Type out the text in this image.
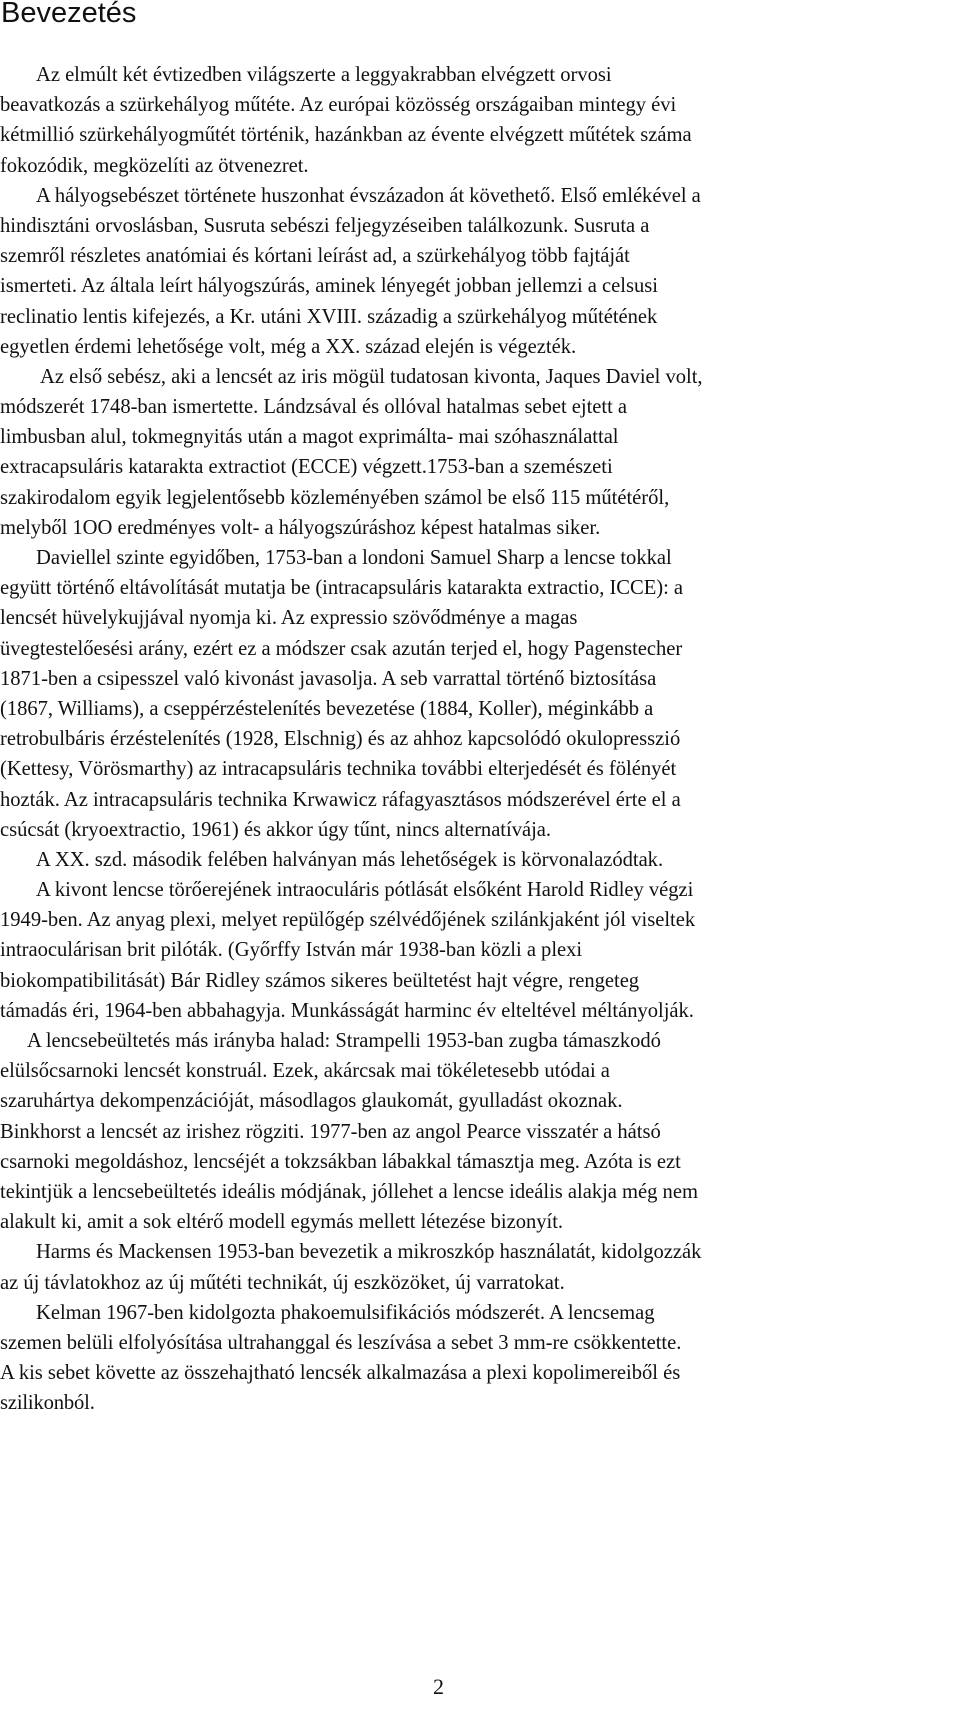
Bevezetés
Az elmúlt két évtizedben világszerte a leggyakrabban elvégzett orvosi
beavatkozás a szürkehályog műtéte. Az európai közösség országaiban mintegy évi
kétmillió szürkehályogműtét történik, hazánkban az évente elvégzett műtétek száma
fokozódik, megközelíti az ötvenezret.
A hályogsebészet története huszonhat évszázadon át követhető. Első emlékével a
hindisztáni orvoslásban, Susruta sebészi feljegyzéseiben találkozunk. Susruta a
szemről részletes anatómiai és kórtani leírást ad, a szürkehályog több fajtáját
ismerteti. Az általa leírt hályogszúrás, aminek lényegét jobban jellemzi a celsusi
reclinatio lentis kifejezés, a Kr. utáni XVIII. századig a szürkehályog műtétének
egyetlen érdemi lehetősége volt, még a XX. század elején is végezték.
Az első sebész, aki a lencsét az iris mögül tudatosan kivonta, Jaques Daviel volt,
módszerét 1748-ban ismertette. Lándzsával és ollóval hatalmas sebet ejtett a
limbusban alul, tokmegnyitás után a magot exprimálta- mai szóhasználattal
extracapsuláris katarakta extractiot (ECCE) végzett.1753-ban a szemészeti
szakirodalom egyik legjelentősebb közleményében számol be első 115 műtétéről,
melyből 1OO eredményes volt- a hályogszúráshoz képest hatalmas siker.
Daviellel szinte egyidőben, 1753-ban a londoni Samuel Sharp a lencse tokkal
együtt történő eltávolítását mutatja be (intracapsuláris katarakta extractio, ICCE): a
lencsét hüvelykujjával nyomja ki. Az expressio szövődménye a magas
üvegtestelőesési arány, ezért ez a módszer csak azután terjed el, hogy Pagenstecher
1871-ben a csipesszel való kivonást javasolja. A seb varrattal történő biztosítása
(1867, Williams), a cseppérzéstelenítés bevezetése (1884, Koller), méginkább a
retrobulbáris érzéstelenítés (1928, Elschnig) és az ahhoz kapcsolódó okulopresszió
(Kettesy, Vörösmarthy) az intracapsuláris technika további elterjedését és fölényét
hozták. Az intracapsuláris technika Krwawicz ráfagyasztásos módszerével érte el a
csúcsát (kryoextractio, 1961) és akkor úgy tűnt, nincs alternatívája.
A XX. szd. második felében halványan más lehetőségek is körvonalazódtak.
A kivont lencse törőerejének intraoculáris pótlását elsőként Harold Ridley végzi
1949-ben. Az anyag plexi, melyet repülőgép szélvédőjének szilánkjaként jól viseltek
intraoculárisan brit pilóták. (Győrffy István már 1938-ban közli a plexi
biokompatibilitását) Bár Ridley számos sikeres beültetést hajt végre, rengeteg
támadás éri, 1964-ben abbahagyja. Munkásságát harminc év elteltével méltányolják.
A lencsebeültetés más irányba halad: Strampelli 1953-ban zugba támaszkodó
elülsőcsarnoki lencsét konstruál. Ezek, akárcsak mai tökéletesebb utódai a
szaruhártya dekompenzációját, másodlagos glaukomát, gyulladást okoznak.
Binkhorst a lencsét az irishez rögziti. 1977-ben az angol Pearce visszatér a hátsó
csarnoki megoldáshoz, lencséjét a tokzsákban lábakkal támasztja meg. Azóta is ezt
tekintjük a lencsebeültetés ideális módjának, jóllehet a lencse ideális alakja még nem
alakult ki, amit a sok eltérő modell egymás mellett létezése bizonyít.
Harms és Mackensen 1953-ban bevezetik a mikroszkóp használatát, kidolgozzák
az új távlatokhoz az új műtéti technikát, új eszközöket, új varratokat.
Kelman 1967-ben kidolgozta phakoemulsifikációs módszerét. A lencsemag
szemen belüli elfolyósítása ultrahanggal és leszívása a sebet 3 mm-re csökkentette.
A kis sebet követte az összehajtható lencsék alkalmazása a plexi kopolimereiből és
szilikonból.
2
